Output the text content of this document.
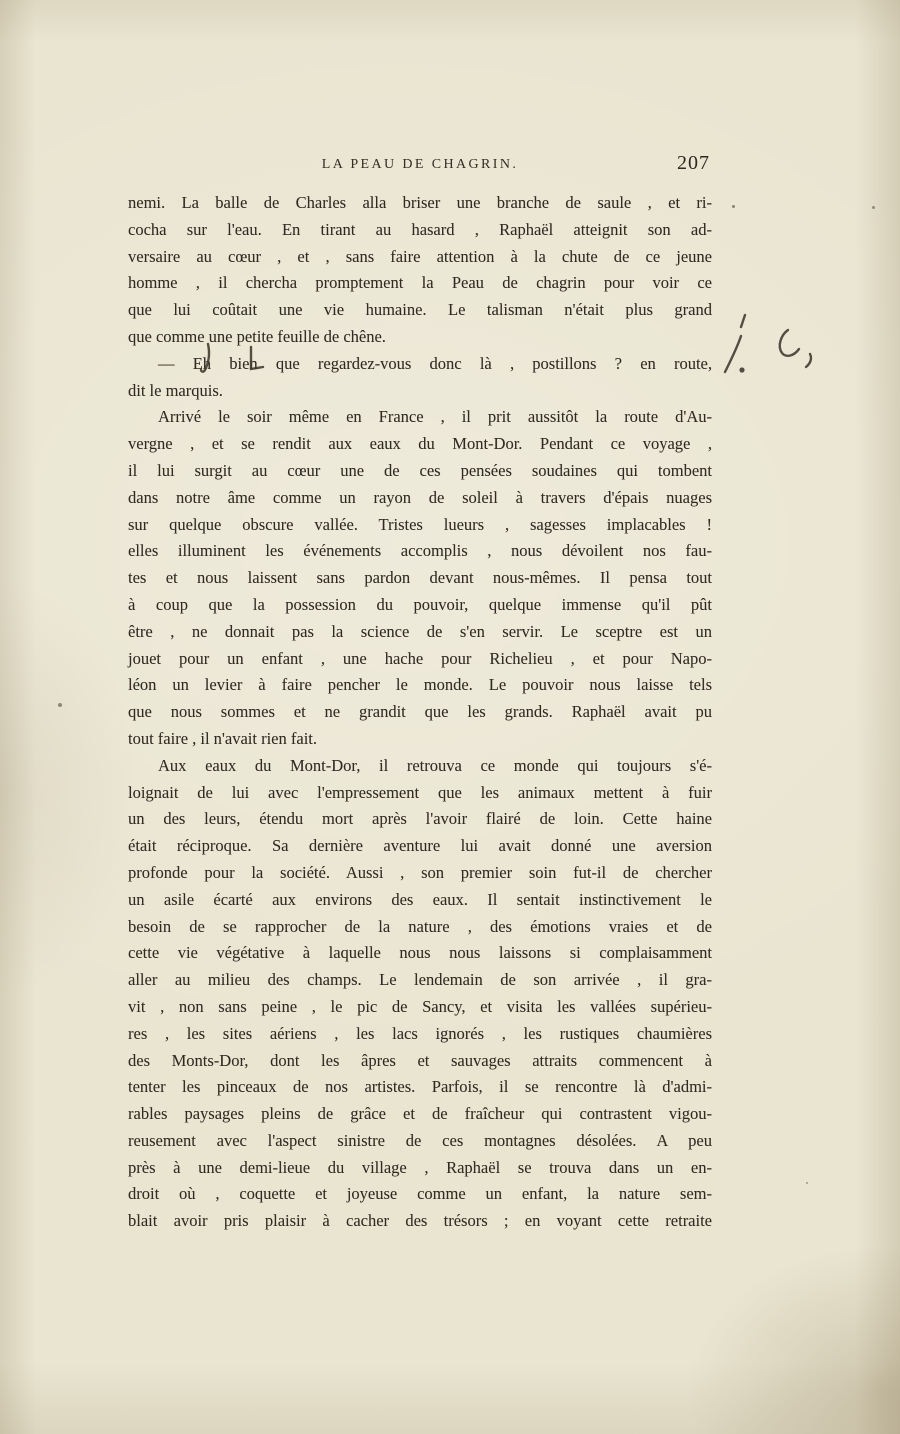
LA PEAU DE CHAGRIN.	207
nemi. La balle de Charles alla briser une branche de saule , et ri-
cocha sur l'eau. En tirant au hasard , Raphaël atteignit son ad-
versaire au cœur , et , sans faire attention à la chute de ce jeune
homme , il chercha promptement la Peau de chagrin pour voir ce
que lui coûtait une vie humaine. Le talisman n'était plus grand
que comme une petite feuille de chêne.
— Eh bien que regardez-vous donc là , postillons ? en route,
dit le marquis.
Arrivé le soir même en France , il prit aussitôt la route d'Au-
vergne , et se rendit aux eaux du Mont-Dor. Pendant ce voyage ,
il lui surgit au cœur une de ces pensées soudaines qui tombent
dans notre âme comme un rayon de soleil à travers d'épais nuages
sur quelque obscure vallée. Tristes lueurs , sagesses implacables !
elles illuminent les événements accomplis , nous dévoilent nos fau-
tes et nous laissent sans pardon devant nous-mêmes. Il pensa tout
à coup que la possession du pouvoir, quelque immense qu'il pût
être , ne donnait pas la science de s'en servir. Le sceptre est un
jouet pour un enfant , une hache pour Richelieu , et pour Napo-
léon un levier à faire pencher le monde. Le pouvoir nous laisse tels
que nous sommes et ne grandit que les grands. Raphaël avait pu
tout faire , il n'avait rien fait.
Aux eaux du Mont-Dor, il retrouva ce monde qui toujours s'é-
loignait de lui avec l'empressement que les animaux mettent à fuir
un des leurs, étendu mort après l'avoir flairé de loin. Cette haine
était réciproque. Sa dernière aventure lui avait donné une aversion
profonde pour la société. Aussi , son premier soin fut-il de chercher
un asile écarté aux environs des eaux. Il sentait instinctivement le
besoin de se rapprocher de la nature , des émotions vraies et de
cette vie végétative à laquelle nous nous laissons si complaisamment
aller au milieu des champs. Le lendemain de son arrivée , il gra-
vit , non sans peine , le pic de Sancy, et visita les vallées supérieu-
res , les sites aériens , les lacs ignorés , les rustiques chaumières
des Monts-Dor, dont les âpres et sauvages attraits commencent à
tenter les pinceaux de nos artistes. Parfois, il se rencontre là d'admi-
rables paysages pleins de grâce et de fraîcheur qui contrastent vigou-
reusement avec l'aspect sinistre de ces montagnes désolées. A peu
près à une demi-lieue du village , Raphaël se trouva dans un en-
droit où , coquette et joyeuse comme un enfant, la nature sem-
blait avoir pris plaisir à cacher des trésors ; en voyant cette retraite
